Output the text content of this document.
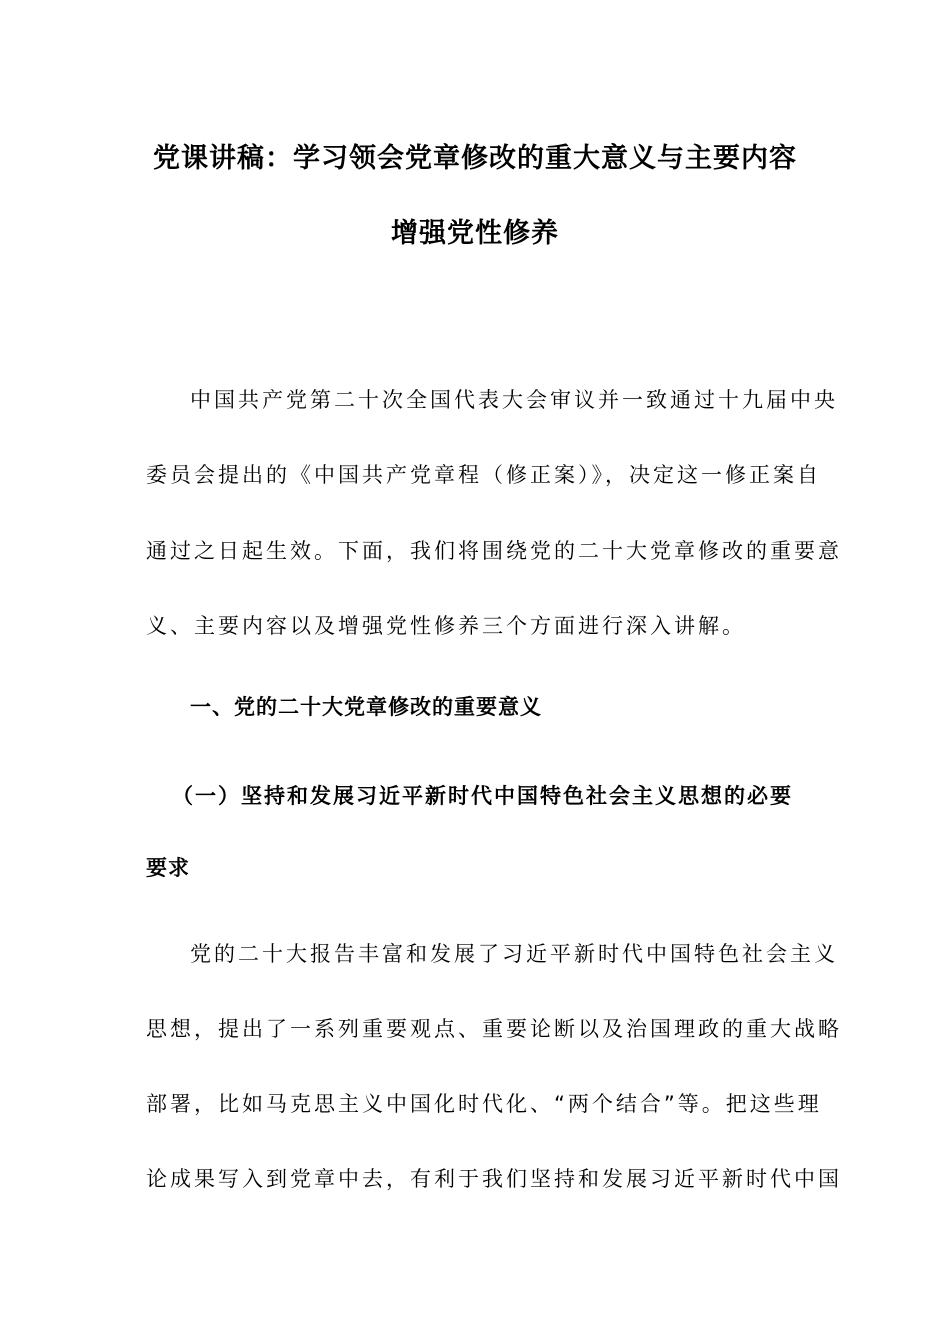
党课讲稿：学习领会党章修改的重大意义与主要内容
增强党性修养
中国共产党第二十次全国代表大会审议并一致通过十九届中央
委员会提出的《中国共产党章程（修正案）》，决定这一修正案自
通过之日起生效。下面，我们将围绕党的二十大党章修改的重要意
义、主要内容以及增强党性修养三个方面进行深入讲解。
一、党的二十大党章修改的重要意义
（一）坚持和发展习近平新时代中国特色社会主义思想的必要
要求
党的二十大报告丰富和发展了习近平新时代中国特色社会主义
思想，提出了一系列重要观点、重要论断以及治国理政的重大战略
部署，比如马克思主义中国化时代化、“两个结合”等。把这些理
论成果写入到党章中去，有利于我们坚持和发展习近平新时代中国
